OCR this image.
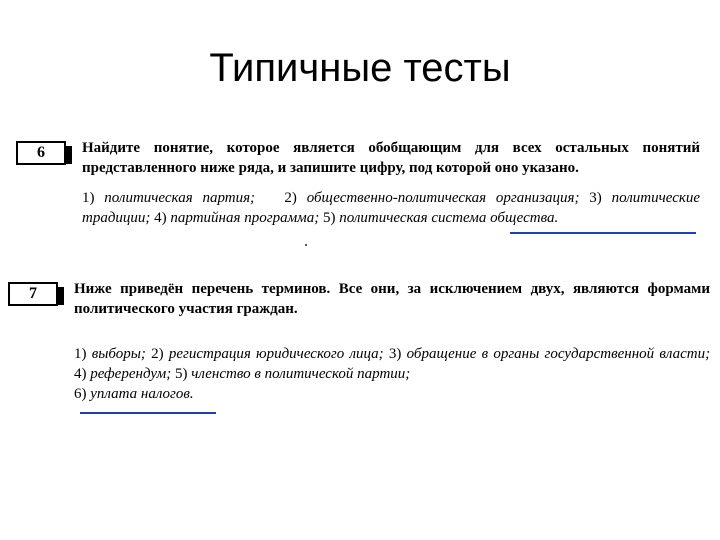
Типичные тесты
6	Найдите понятие, которое является обобщающим для всех остальных понятий представленного ниже ряда, и запишите цифру, под которой оно указано.
1) политическая партия; 2) общественно-политическая организация; 3) политические традиции; 4) партийная программа; 5) политическая система общества.
7	Ниже приведён перечень терминов. Все они, за исключением двух, являются формами политического участия граждан.
1) выборы; 2) регистрация юридического лица; 3) обращение в органы государственной власти; 4) референдум; 5) членство в политической партии;
6) уплата налогов.
